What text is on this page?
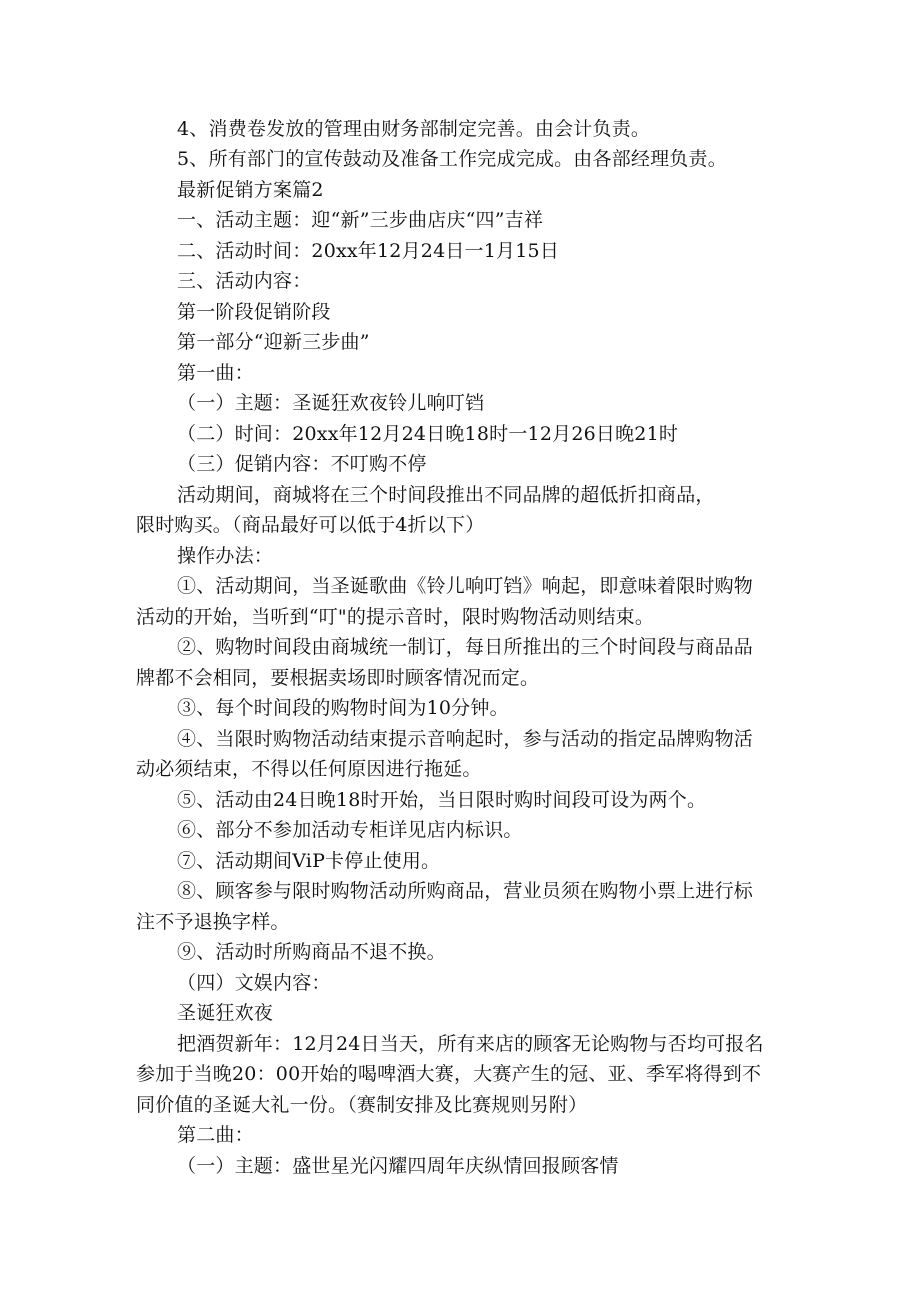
4、消费卷发放的管理由财务部制定完善。由会计负责。
5、所有部门的宣传鼓动及准备工作完成完成。由各部经理负责。
最新促销方案篇2
一、活动主题：迎“新”三步曲店庆“四”吉祥
二、活动时间：20xx年12月24日一1月15日
三、活动内容：
第一阶段促销阶段
第一部分“迎新三步曲”
第一曲：
（一）主题：圣诞狂欢夜铃儿响叮铛
（二）时间：20xx年12月24日晚18时一12月26日晚21时
（三）促销内容：不叮购不停
活动期间，商城将在三个时间段推出不同品牌的超低折扣商品，
限时购买。（商品最好可以低于4折以下）
操作办法：
①、活动期间，当圣诞歌曲《铃儿响叮铛》响起，即意味着限时购物
活动的开始，当听到“叮"的提示音时，限时购物活动则结束。
②、购物时间段由商城统一制订，每日所推出的三个时间段与商品品
牌都不会相同，要根据卖场即时顾客情况而定。
③、每个时间段的购物时间为10分钟。
④、当限时购物活动结束提示音响起时，参与活动的指定品牌购物活
动必须结束，不得以任何原因进行拖延。
⑤、活动由24日晚18时开始，当日限时购时间段可设为两个。
⑥、部分不参加活动专柜详见店内标识。
⑦、活动期间ViP卡停止使用。
⑧、顾客参与限时购物活动所购商品，营业员须在购物小票上进行标
注不予退换字样。
⑨、活动时所购商品不退不换。
（四）文娱内容：
圣诞狂欢夜
把酒贺新年：12月24日当天，所有来店的顾客无论购物与否均可报名
参加于当晚20：00开始的喝啤酒大赛，大赛产生的冠、亚、季军将得到不
同价值的圣诞大礼一份。（赛制安排及比赛规则另附）
第二曲：
（一）主题：盛世星光闪耀四周年庆纵情回报顾客情
